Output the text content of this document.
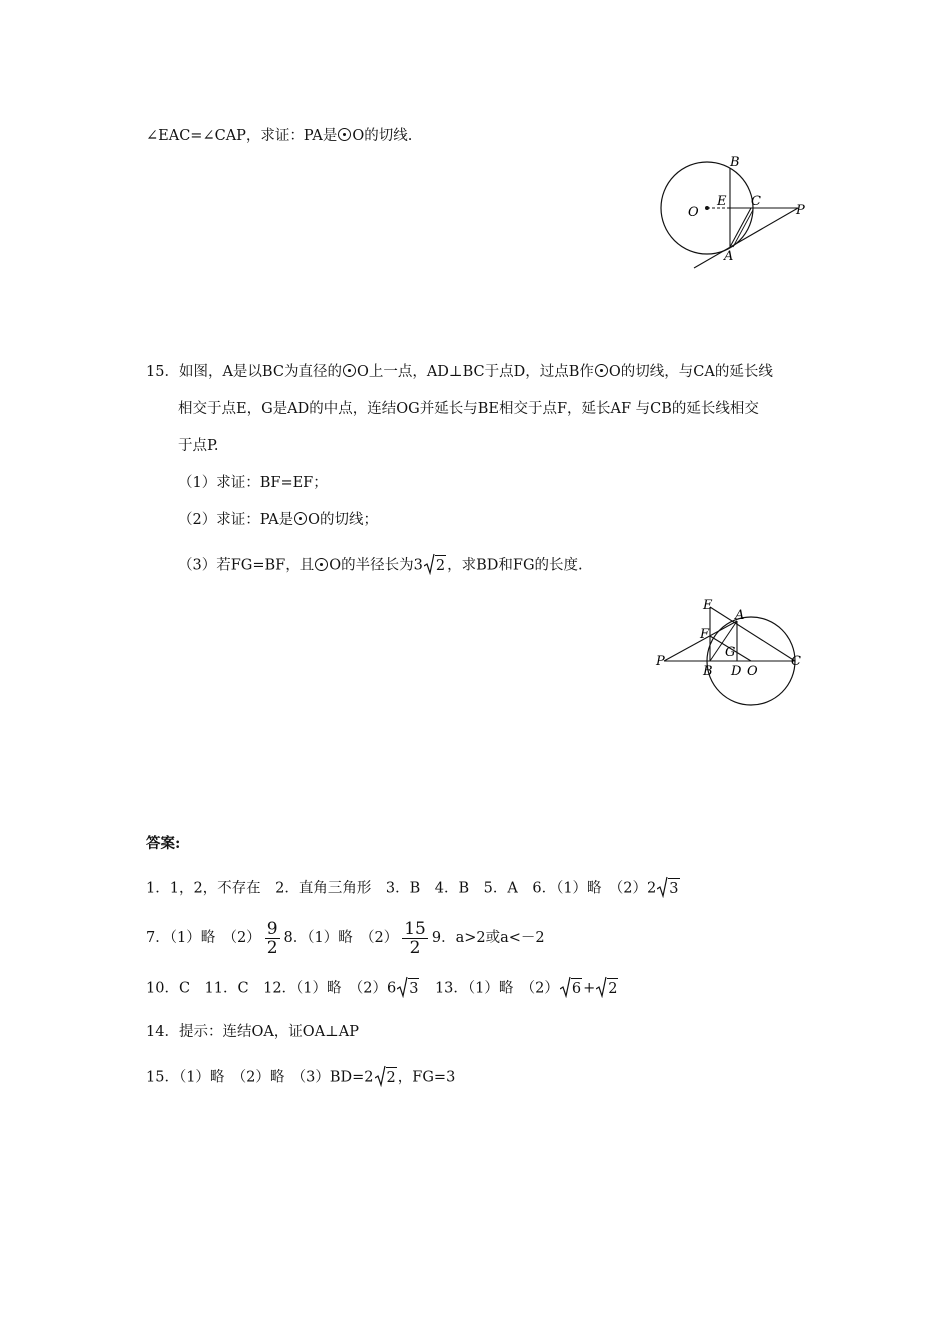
∠EAC=∠CAP，求证：PA是 O的切线.
B
E C
O	P
A
15．如图，A是以BC为直径的 O上一点，AD⊥BC于点D，过点B作 O的切线，与CA的延长线
相交于点E，G是AD的中点，连结OG并延长与BE相交于点F，延长AF 与CB的延长线相交
于点P.
（1）求证：BF=EF；
（2）求证：PA是 O的切线；
（3）若FG=BF，且 O的半径长为3 2 ，求BD和FG的长度.
E
A
F
G
P
B D O
C
答案:
1．1，2，不存在　2．直角三角形　3．B　4．B　5．A　6．（1）略　（2）2 3
7．（1）略　$(2) \frac{9}{2} 8$．（1）略　$(2) \frac{15}{2} 9$．a>2或a<－2
10．C　11．C　12．（1）略　（2）6 3　 13．（1）略　（2） 6 + 2
14．提示：连结OA，证OA⊥AP
15．（1）略　（2）略　（3）BD=2 2 ，FG=3
